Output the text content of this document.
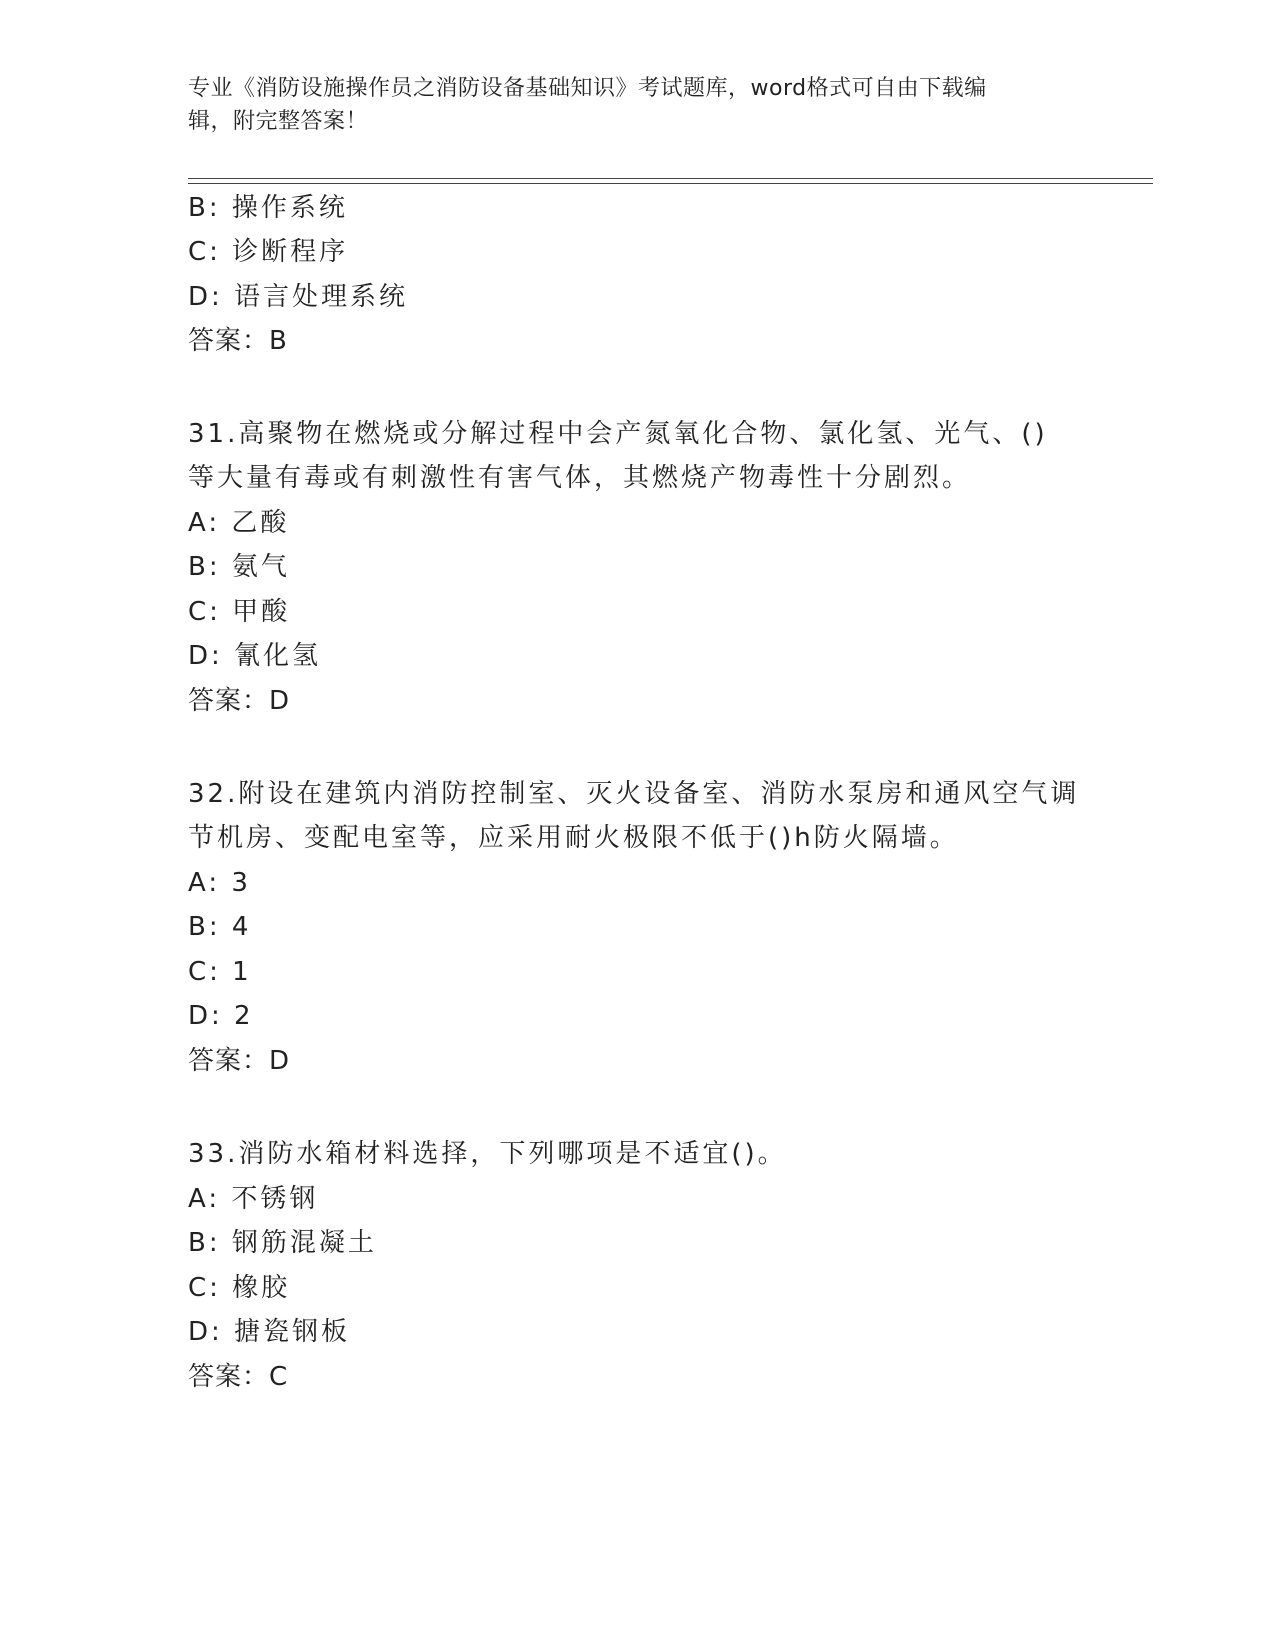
专业《消防设施操作员之消防设备基础知识》考试题库，word格式可自由下载编
辑，附完整答案！
B: 操作系统
C: 诊断程序
D: 语言处理系统
答案：B
31.高聚物在燃烧或分解过程中会产氮氧化合物、氯化氢、光气、()
等大量有毒或有刺激性有害气体，其燃烧产物毒性十分剧烈。
A: 乙酸
B: 氨气
C: 甲酸
D: 氰化氢
答案：D
32.附设在建筑内消防控制室、灭火设备室、消防水泵房和通风空气调
节机房、变配电室等，应采用耐火极限不低于()h防火隔墙。
A: 3
B: 4
C: 1
D: 2
答案：D
33.消防水箱材料选择，下列哪项是不适宜()。
A: 不锈钢
B: 钢筋混凝土
C: 橡胶
D: 搪瓷钢板
答案：C
